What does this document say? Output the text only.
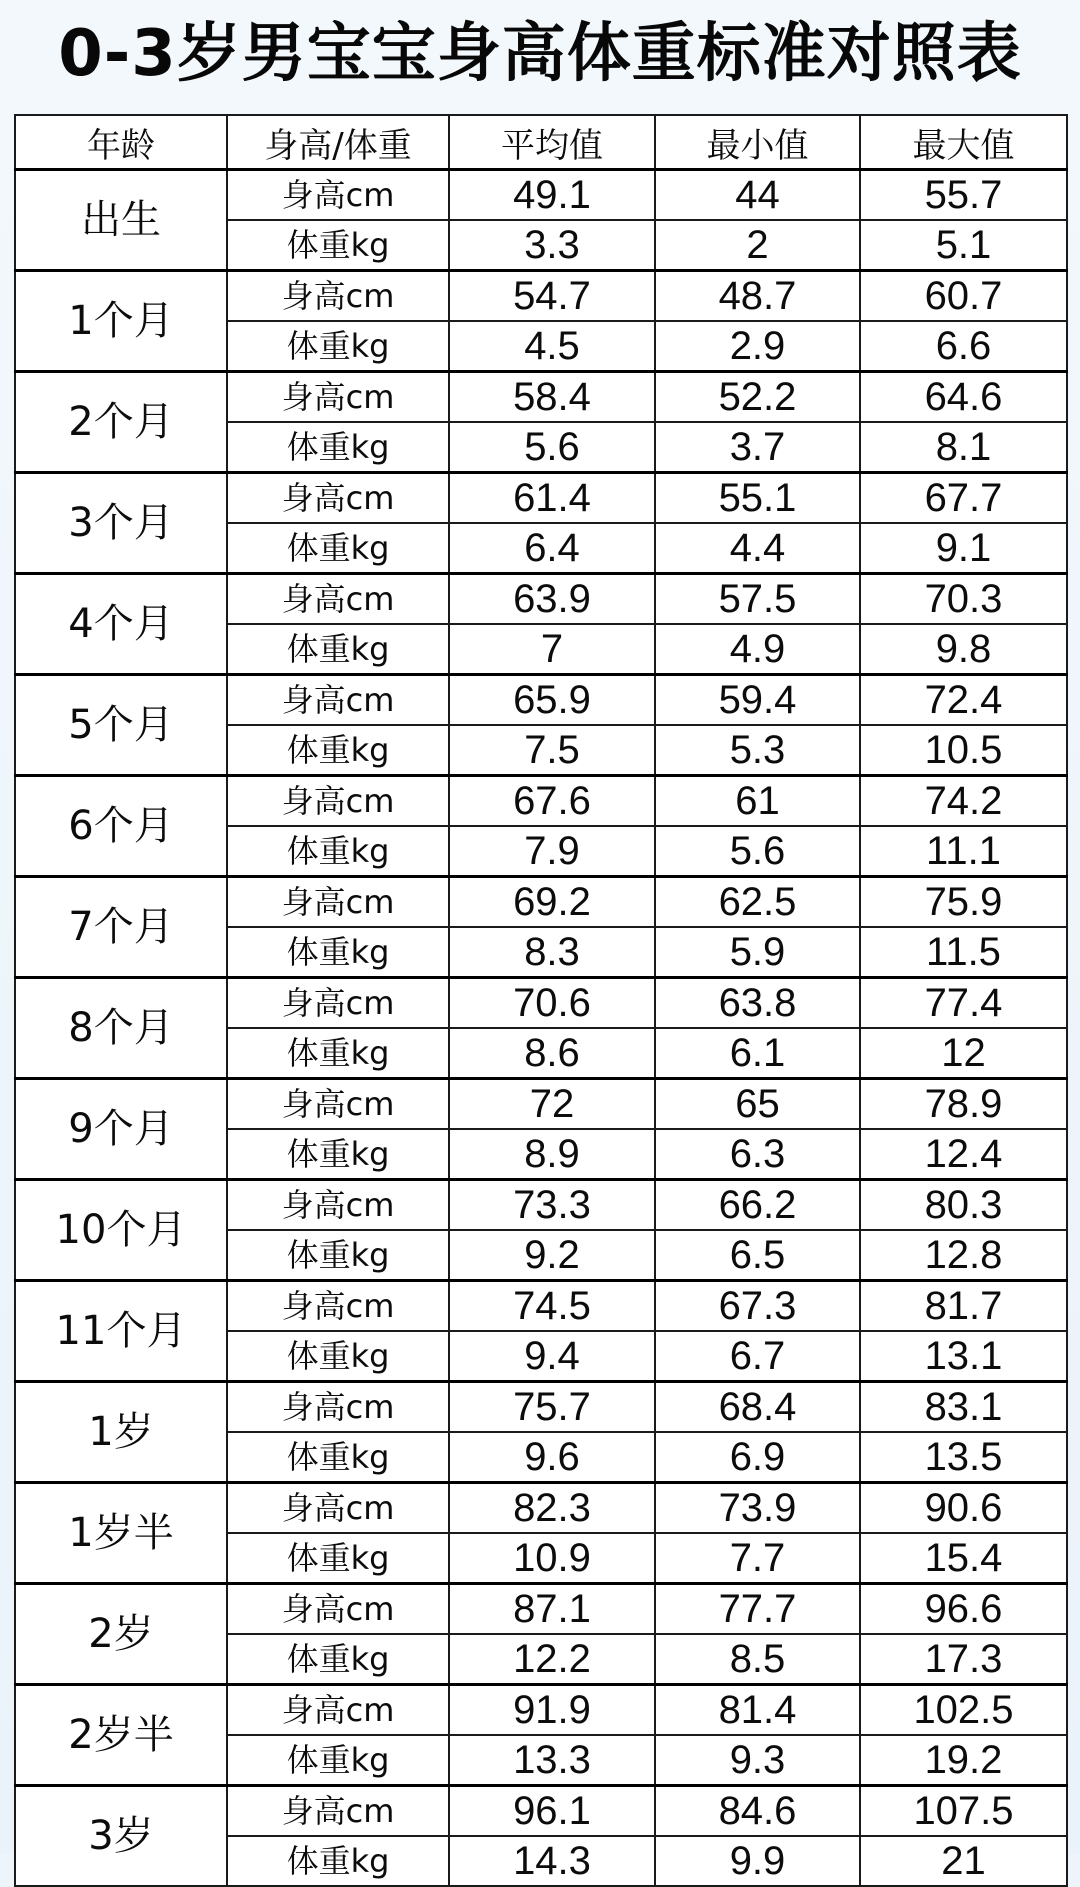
0-3岁男宝宝身高体重标准对照表
年龄	身高/体重	平均值	最小值	最大值
出生	身高cm	49.1	44	55.7
	体重kg	3.3	2	5.1
1个月	身高cm	54.7	48.7	60.7
	体重kg	4.5	2.9	6.6
2个月	身高cm	58.4	52.2	64.6
	体重kg	5.6	3.7	8.1
3个月	身高cm	61.4	55.1	67.7
	体重kg	6.4	4.4	9.1
4个月	身高cm	63.9	57.5	70.3
	体重kg	7	4.9	9.8
5个月	身高cm	65.9	59.4	72.4
	体重kg	7.5	5.3	10.5
6个月	身高cm	67.6	61	74.2
	体重kg	7.9	5.6	11.1
7个月	身高cm	69.2	62.5	75.9
	体重kg	8.3	5.9	11.5
8个月	身高cm	70.6	63.8	77.4
	体重kg	8.6	6.1	12
9个月	身高cm	72	65	78.9
	体重kg	8.9	6.3	12.4
10个月	身高cm	73.3	66.2	80.3
	体重kg	9.2	6.5	12.8
11个月	身高cm	74.5	67.3	81.7
	体重kg	9.4	6.7	13.1
1岁	身高cm	75.7	68.4	83.1
	体重kg	9.6	6.9	13.5
1岁半	身高cm	82.3	73.9	90.6
	体重kg	10.9	7.7	15.4
2岁	身高cm	87.1	77.7	96.6
	体重kg	12.2	8.5	17.3
2岁半	身高cm	91.9	81.4	102.5
	体重kg	13.3	9.3	19.2
3岁	身高cm	96.1	84.6	107.5
	体重kg	14.3	9.9	21
